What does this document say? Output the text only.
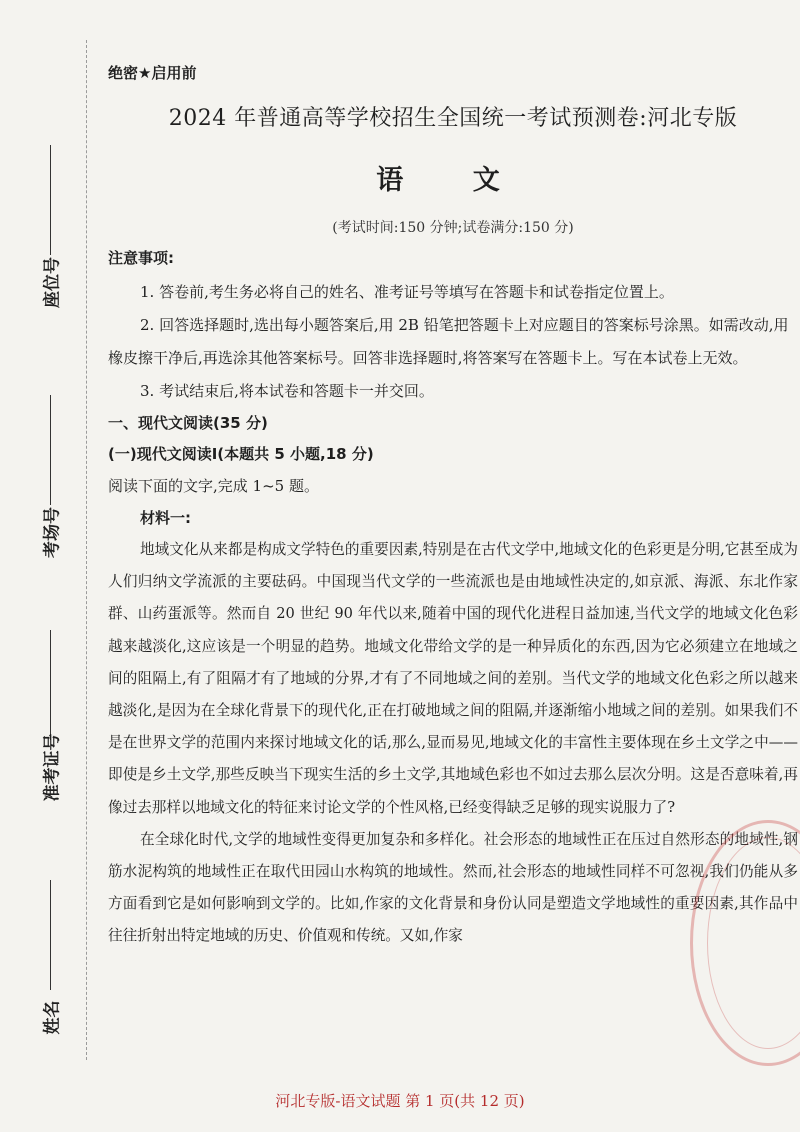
座位号
考场号
准考证号
姓名

绝密★启用前

2024 年普通高等学校招生全国统一考试预测卷:河北专版

语 文

(考试时间:150 分钟;试卷满分:150 分)

注意事项:

1. 答卷前,考生务必将自己的姓名、准考证号等填写在答题卡和试卷指定位置上。

2. 回答选择题时,选出每小题答案后,用 2B 铅笔把答题卡上对应题目的答案标号涂黑。如需改动,用橡皮擦干净后,再选涂其他答案标号。回答非选择题时,将答案写在答题卡上。写在本试卷上无效。

3. 考试结束后,将本试卷和答题卡一并交回。

一、现代文阅读(35 分)

(一)现代文阅读Ⅰ(本题共 5 小题,18 分)

阅读下面的文字,完成 1~5 题。

材料一:

地域文化从来都是构成文学特色的重要因素,特别是在古代文学中,地域文化的色彩更是分明,它甚至成为人们归纳文学流派的主要砝码。中国现当代文学的一些流派也是由地域性决定的,如京派、海派、东北作家群、山药蛋派等。然而自 20 世纪 90 年代以来,随着中国的现代化进程日益加速,当代文学的地域文化色彩越来越淡化,这应该是一个明显的趋势。地域文化带给文学的是一种异质化的东西,因为它必须建立在地域之间的阻隔上,有了阻隔才有了地域的分界,才有了不同地域之间的差别。当代文学的地域文化色彩之所以越来越淡化,是因为在全球化背景下的现代化,正在打破地域之间的阻隔,并逐渐缩小地域之间的差别。如果我们不是在世界文学的范围内来探讨地域文化的话,那么,显而易见,地域文化的丰富性主要体现在乡土文学之中——即使是乡土文学,那些反映当下现实生活的乡土文学,其地域色彩也不如过去那么层次分明。这是否意味着,再像过去那样以地域文化的特征来讨论文学的个性风格,已经变得缺乏足够的现实说服力了?

在全球化时代,文学的地域性变得更加复杂和多样化。社会形态的地域性正在压过自然形态的地域性,钢筋水泥构筑的地域性正在取代田园山水构筑的地域性。然而,社会形态的地域性同样不可忽视,我们仍能从多方面看到它是如何影响到文学的。比如,作家的文化背景和身份认同是塑造文学地域性的重要因素,其作品中往往折射出特定地域的历史、价值观和传统。又如,作家

河北专版-语文试题 第 1 页(共 12 页)
